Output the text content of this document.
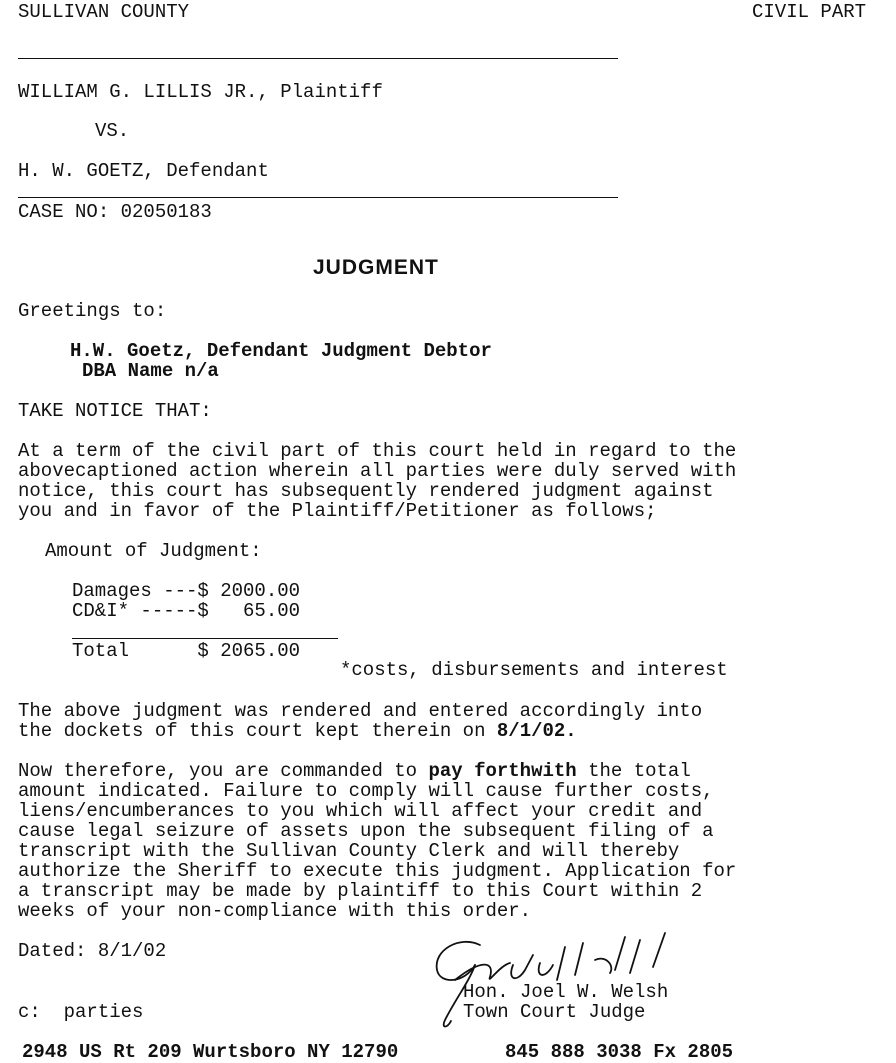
SULLIVAN COUNTY	CIVIL PART
WILLIAM G. LILLIS JR., Plaintiff
VS.
H. W. GOETZ, Defendant
CASE NO: 02050183
JUDGMENT
Greetings to:
H.W. Goetz, Defendant Judgment Debtor
DBA Name n/a
TAKE NOTICE THAT:
At a term of the civil part of this court held in regard to the
abovecaptioned action wherein all parties were duly served with
notice, this court has subsequently rendered judgment against
you and in favor of the Plaintiff/Petitioner as follows;
Amount of Judgment:
Damages ---$ 2000.00
CD&I* -----$   65.00
Total      $ 2065.00
*costs, disbursements and interest
The above judgment was rendered and entered accordingly into
the dockets of this court kept therein on 8/1/02.
Now therefore, you are commanded to pay forthwith the total
amount indicated. Failure to comply will cause further costs,
liens/encumberances to you which will affect your credit and
cause legal seizure of assets upon the subsequent filing of a
transcript with the Sullivan County Clerk and will thereby
authorize the Sheriff to execute this judgment. Application for
a transcript may be made by plaintiff to this Court within 2
weeks of your non-compliance with this order.
Dated: 8/1/02
Hon. Joel W. Welsh
c:  parties	Town Court Judge
2948 US Rt 209 Wurtsboro NY 12790	845 888 3038 Fx 2805
